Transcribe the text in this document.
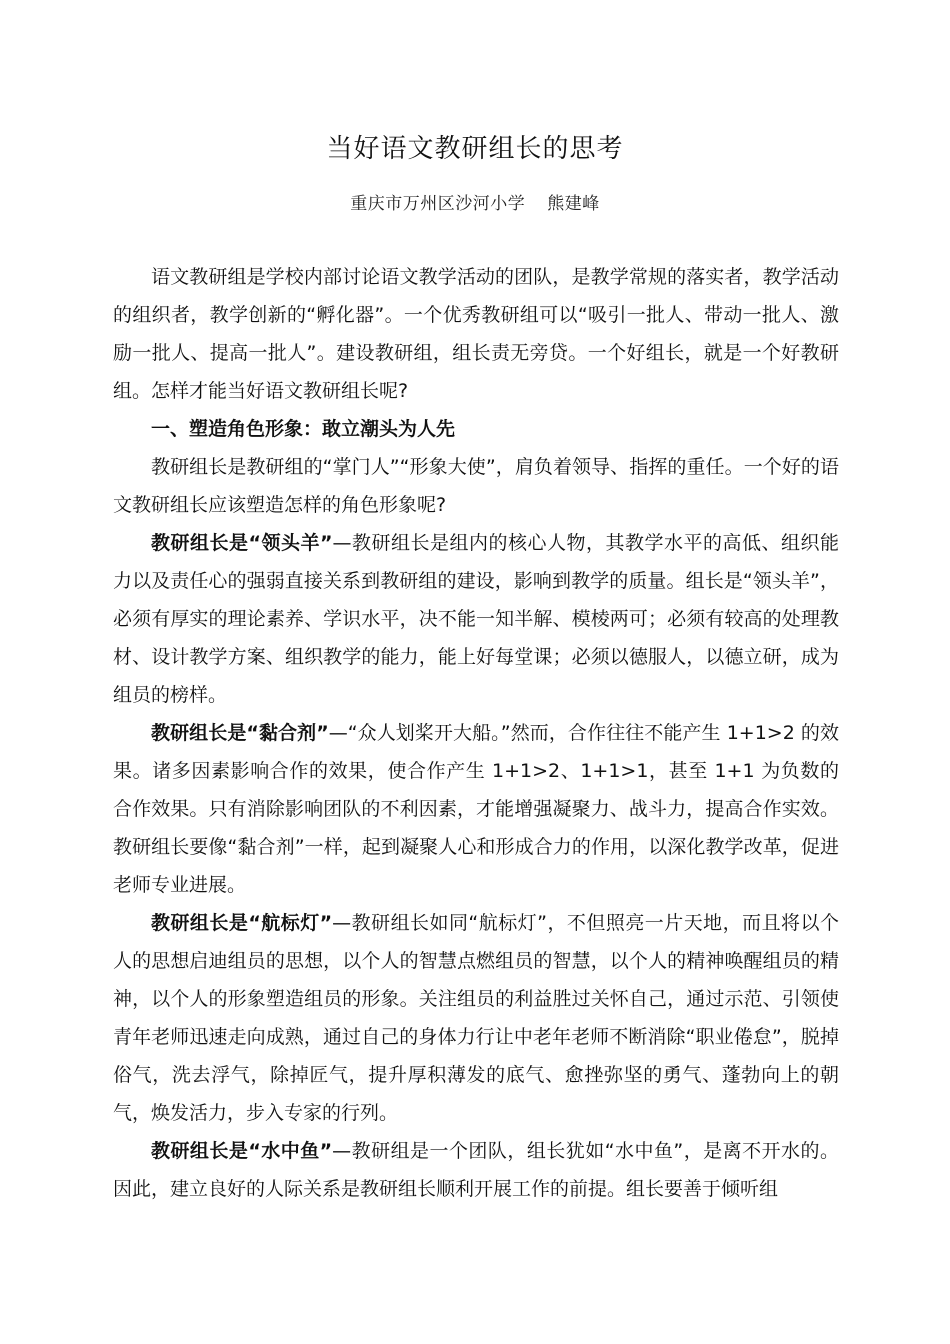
当好语文教研组长的思考
重庆市万州区沙河小学 熊建峰

语文教研组是学校内部讨论语文教学活动的团队，是教学常规的落实者，教学活动的组织者，教学创新的“孵化器”。一个优秀教研组可以“吸引一批人、带动一批人、激励一批人、提高一批人”。建设教研组，组长责无旁贷。一个好组长，就是一个好教研组。怎样才能当好语文教研组长呢?

一、塑造角色形象：敢立潮头为人先

教研组长是教研组的“掌门人”“形象大使”，肩负着领导、指挥的重任。一个好的语文教研组长应该塑造怎样的角色形象呢?

教研组长是“领头羊”—教研组长是组内的核心人物，其教学水平的高低、组织能力以及责任心的强弱直接关系到教研组的建设，影响到教学的质量。组长是“领头羊”，必须有厚实的理论素养、学识水平，决不能一知半解、模棱两可；必须有较高的处理教材、设计教学方案、组织教学的能力，能上好每堂课；必须以德服人，以德立研，成为组员的榜样。

教研组长是“黏合剂”—“众人划桨开大船。”然而，合作往往不能产生 1+1>2 的效果。诸多因素影响合作的效果，使合作产生 1+1>2、1+1>1，甚至 1+1 为负数的合作效果。只有消除影响团队的不利因素，才能增强凝聚力、战斗力，提高合作实效。教研组长要像“黏合剂”一样，起到凝聚人心和形成合力的作用，以深化教学改革，促进老师专业进展。

教研组长是“航标灯”—教研组长如同“航标灯”，不但照亮一片天地，而且将以个人的思想启迪组员的思想，以个人的智慧点燃组员的智慧，以个人的精神唤醒组员的精神，以个人的形象塑造组员的形象。关注组员的利益胜过关怀自己，通过示范、引领使青年老师迅速走向成熟，通过自己的身体力行让中老年老师不断消除“职业倦怠”，脱掉俗气，洗去浮气，除掉匠气，提升厚积薄发的底气、愈挫弥坚的勇气、蓬勃向上的朝气，焕发活力，步入专家的行列。

教研组长是“水中鱼”—教研组是一个团队，组长犹如“水中鱼”，是离不开水的。因此，建立良好的人际关系是教研组长顺利开展工作的前提。组长要善于倾听组
